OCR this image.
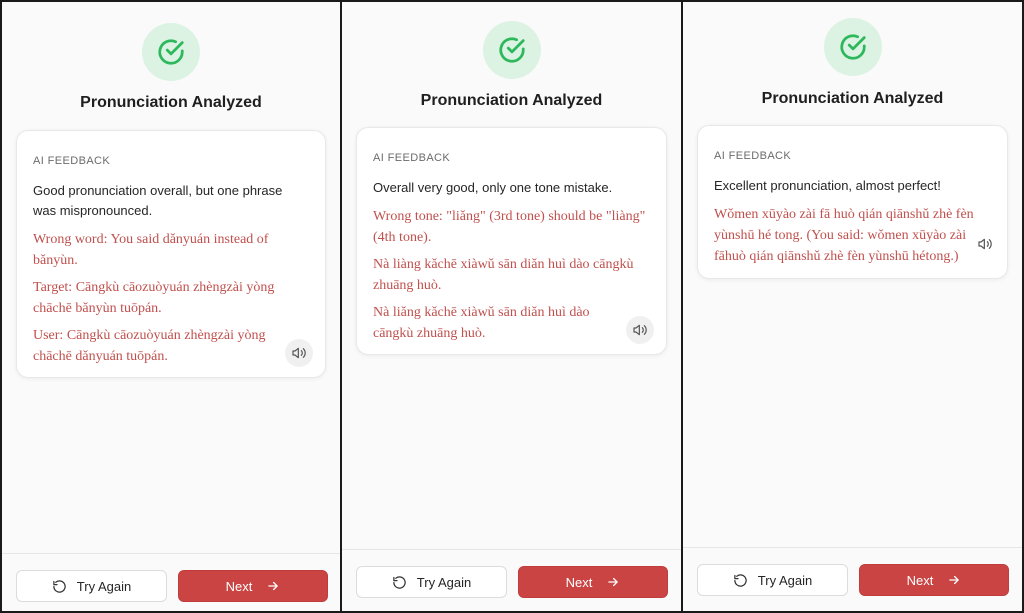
Pronunciation Analyzed
AI FEEDBACK
Good pronunciation overall, but one phrase was mispronounced.
Wrong word: You said dǎnyuán instead of bǎnyùn.
Target: Cāngkù cāozuòyuán zhèngzài yòng chāchē bǎnyùn tuōpán.
User: Cāngkù cāozuòyuán zhèngzài yòng chāchē dǎnyuán tuōpán.
Try Again	Next
Pronunciation Analyzed
AI FEEDBACK
Overall very good, only one tone mistake.
Wrong tone: "liǎng" (3rd tone) should be "liàng" (4th tone).
Nà liàng kǎchē xiàwǔ sān diǎn huì dào cāngkù zhuāng huò.
Nà liǎng kǎchē xiàwǔ sān diǎn huì dào cāngkù zhuāng huò.
Try Again	Next
Pronunciation Analyzed
AI FEEDBACK
Excellent pronunciation, almost perfect!
Wǒmen xūyào zài fā huò qián qiānshǔ zhè fèn yùnshū hé tong. (You said: wǒmen xūyào zài fāhuò qián qiānshǔ zhè fèn yùnshū hétong.)
Try Again	Next
